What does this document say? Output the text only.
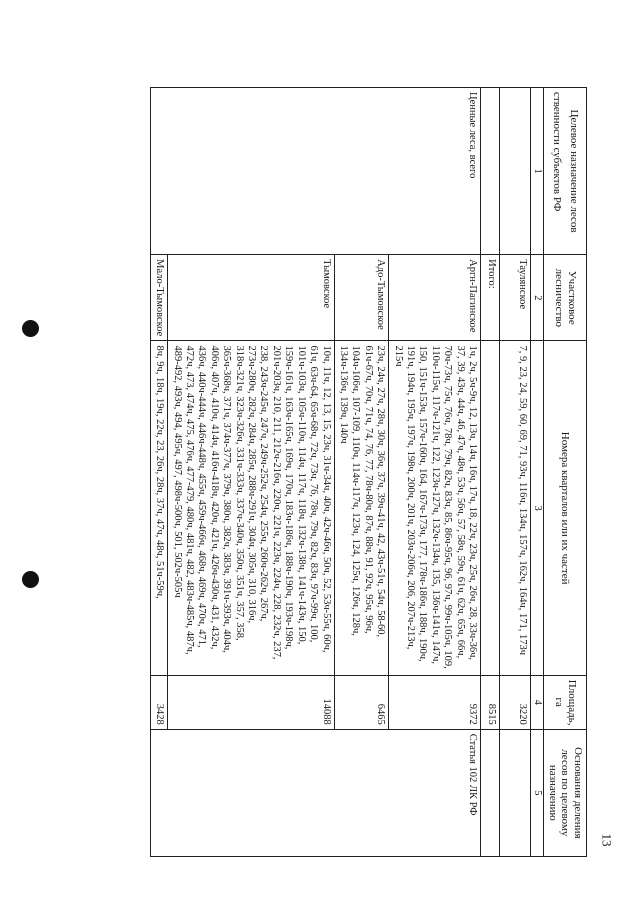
Целевое назначение лесов
ственности субъектов РФ	Участковое лесничество	Номера кварталов или их частей	Площадь, га	Основания деления лесов по целевому назначению
1	2	3	4	5
	Таулянское	7, 9, 23, 24, 59, 60, 69, 71, 93ч, 116ч, 134ч, 157ч, 162ч, 164ч, 171, 173ч	3220	
	Итого:		8515	
Ценные леса, всего	Аргн-Пагинское	1ч, 2ч, 5ч-9ч, 12, 13ч, 14ч, 16ч, 17ч, 18, 22ч, 23ч, 25ч, 26ч, 28, 33ч-36ч, 37, 39, 43ч, 44ч, 46, 47ч, 48ч, 53ч, 56ч, 57, 58ч, 59ч, 61ч, 62ч, 65ч, 66ч, 70ч-73ч, 75ч, 76ч, 78ч, 79ч, 82ч, 83ч, 85, 86ч-95ч, 96, 97ч, 99ч-105ч, 109, 110ч-115ч, 117ч-121ч, 122, 123ч-127ч, 132ч-134ч, 135, 136ч-141ч, 147ч, 150, 151ч-153ч, 157ч-160ч, 164, 167ч-173ч, 177, 178ч-186ч, 188ч, 190ч, 191ч, 194ч, 195ч, 197ч, 198ч, 200ч, 201ч, 203ч-206ч, 206, 207ч-213ч, 215ч	9372	Статья 102 ЛК РФ
	Адо-Тымовское	23ч, 24ч, 27ч, 28ч, 30ч, 36ч, 37ч, 39ч-41ч, 42, 43ч-51ч, 54ч, 58-60, 61ч-67ч, 70ч, 71ч, 74, 76, 77, 78ч-80ч, 87ч, 88ч, 91, 92ч, 95ч, 96ч, 104ч-106ч, 107-109, 110ч, 114ч-117ч, 123ч, 124, 125ч, 126ч, 128ч, 134ч-136ч, 139ч, 140ч	6465	
	Тымовское	10ч, 11ч, 12, 13, 15, 23ч, 31ч-34ч, 40ч, 42ч-46ч, 50ч, 52, 53ч-55ч, 60ч, 61ч, 63ч-64, 65ч-68ч, 72ч, 73ч, 76, 78ч, 79ч, 82ч, 83ч, 97ч-99ч, 100, 101ч-103ч, 105ч-110ч, 114ч, 117ч, 118ч, 132ч-138ч, 141ч-143ч, 150, 159ч-161ч, 163ч-165ч, 169ч, 170ч, 183ч-186ч, 188ч-190ч, 193ч-198ч, 201ч-203ч, 210, 211, 212ч-216ч, 220ч, 221ч, 223ч, 224ч, 228, 232ч, 237, 238, 243ч-245ч, 247ч, 249ч-252ч, 254ч, 255ч, 260ч-262ч, 267ч, 273ч-280ч, 282ч, 284ч, 285ч, 288ч-291ч, 304ч, 305ч, 310, 316ч, 318ч-321ч, 323ч-326ч, 331ч-333ч, 337ч-340ч, 350ч, 351ч, 357, 358, 365ч-368ч, 371ч, 374ч-377ч, 379ч, 380ч, 382ч, 383ч, 391ч-393ч, 404ч, 406ч, 407ч, 410ч, 414ч, 416ч-418ч, 420ч, 421ч, 426ч-430ч, 431, 432ч, 436ч, 440ч-444ч, 446ч-448ч, 455ч, 459ч-466ч, 468ч, 469ч, 470ч, 471, 472ч, 473, 474ч, 475, 476ч, 477-479, 480ч, 481ч, 482, 483ч-485ч, 487ч, 489-492, 493ч, 494, 495ч, 497, 498ч-500ч, 501, 502ч-505ч	14088	
	Мало-Тымовское	8ч, 9ч, 18ч, 19ч, 22ч, 23, 26ч, 28ч, 37ч, 47ч, 48ч, 51ч-59ч,	3428	
13
